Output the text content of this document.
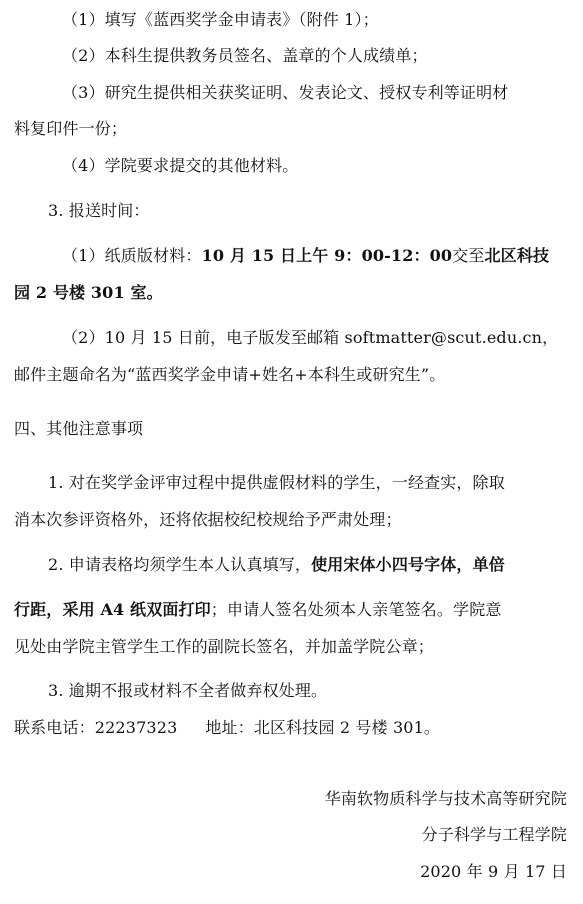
（1）填写《蓝西奖学金申请表》（附件 1）；
（2）本科生提供教务员签名、盖章的个人成绩单；
（3）研究生提供相关获奖证明、发表论文、授权专利等证明材
料复印件一份；
（4）学院要求提交的其他材料。
3. 报送时间：
（1）纸质版材料：10 月 15 日上午 9：00-12：00交至北区科技
园 2 号楼 301 室。
（2）10 月 15 日前，电子版发至邮箱 softmatter@scut.edu.cn，
邮件主题命名为“蓝西奖学金申请+姓名+本科生或研究生”。
四、其他注意事项
1. 对在奖学金评审过程中提供虚假材料的学生，一经查实，除取
消本次参评资格外，还将依据校纪校规给予严肃处理；
2. 申请表格均须学生本人认真填写，使用宋体小四号字体，单倍
行距，采用 A4 纸双面打印；申请人签名处须本人亲笔签名。学院意
见处由学院主管学生工作的副院长签名，并加盖学院公章；
3. 逾期不报或材料不全者做弃权处理。
联系电话：22237323 地址：北区科技园 2 号楼 301。
华南软物质科学与技术高等研究院
分子科学与工程学院
2020 年 9 月 17 日
